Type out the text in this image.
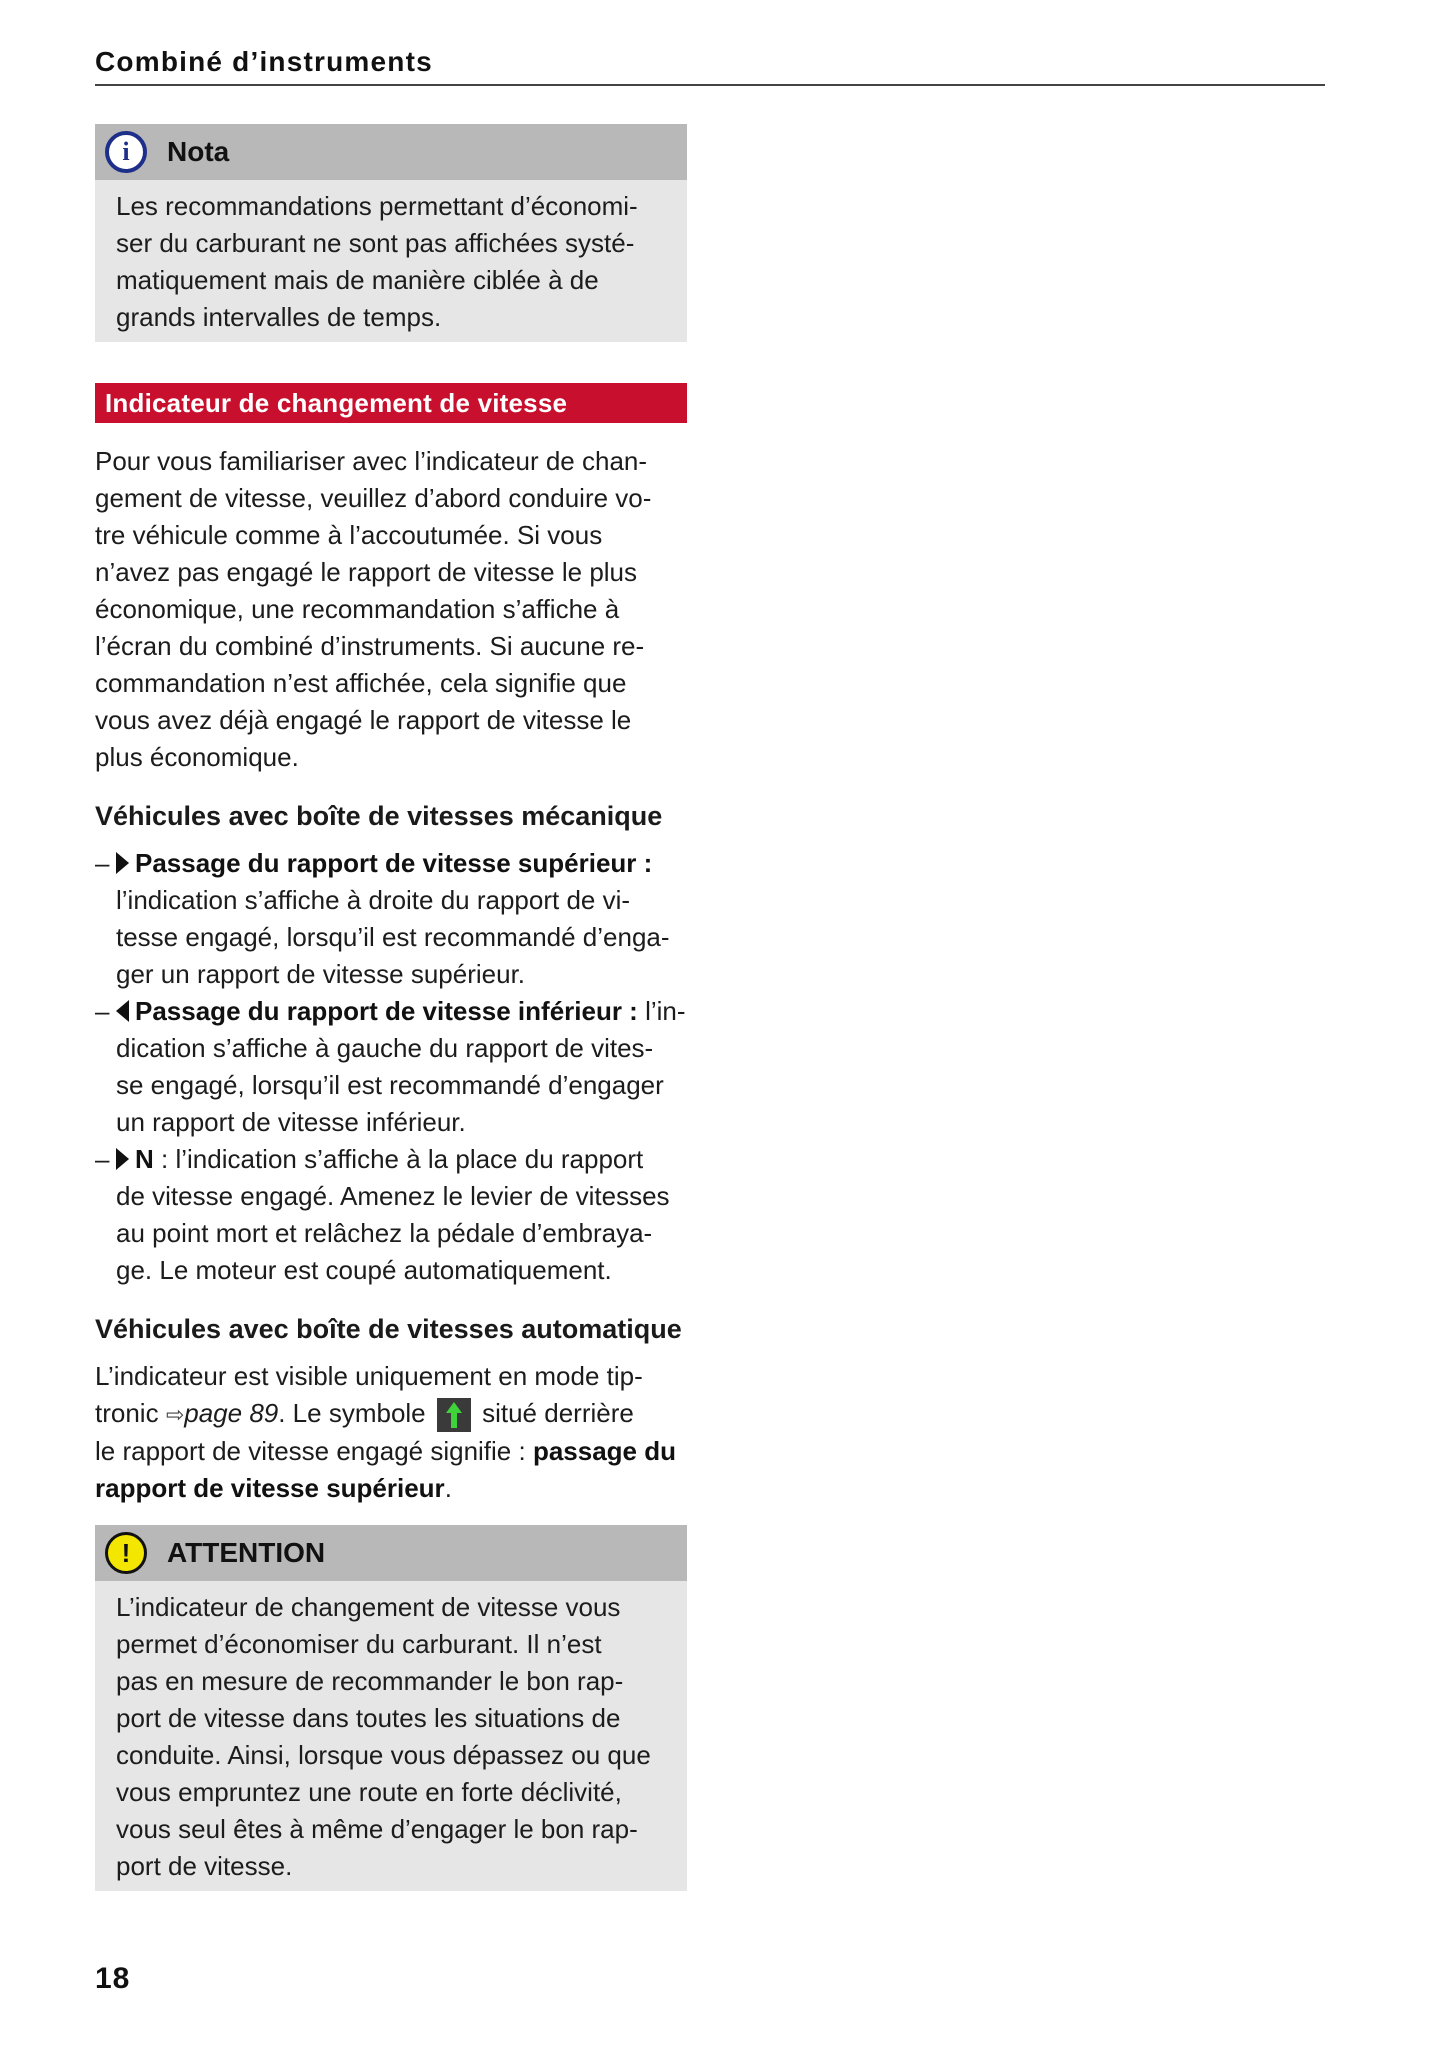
Combiné d’instruments
i	Nota
Les recommandations permettant d’économi-
ser du carburant ne sont pas affichées systé-
matiquement mais de manière ciblée à de
grands intervalles de temps.
Indicateur de changement de vitesse
Pour vous familiariser avec l’indicateur de chan-
gement de vitesse, veuillez d’abord conduire vo-
tre véhicule comme à l’accoutumée. Si vous
n’avez pas engagé le rapport de vitesse le plus
économique, une recommandation s’affiche à
l’écran du combiné d’instruments. Si aucune re-
commandation n’est affichée, cela signifie que
vous avez déjà engagé le rapport de vitesse le
plus économique.
Véhicules avec boîte de vitesses mécanique
– Passage du rapport de vitesse supérieur :
l’indication s’affiche à droite du rapport de vi-
tesse engagé, lorsqu’il est recommandé d’enga-
ger un rapport de vitesse supérieur.
– Passage du rapport de vitesse inférieur : l’in-
dication s’affiche à gauche du rapport de vites-
se engagé, lorsqu’il est recommandé d’engager
un rapport de vitesse inférieur.
– N : l’indication s’affiche à la place du rapport
de vitesse engagé. Amenez le levier de vitesses
au point mort et relâchez la pédale d’embraya-
ge. Le moteur est coupé automatiquement.
Véhicules avec boîte de vitesses automatique
L’indicateur est visible uniquement en mode tip-
tronic ⇨page 89. Le symbole
situé derrière
le rapport de vitesse engagé signifie : passage du
rapport de vitesse supérieur.
!	ATTENTION
L’indicateur de changement de vitesse vous
permet d’économiser du carburant. Il n’est
pas en mesure de recommander le bon rap-
port de vitesse dans toutes les situations de
conduite. Ainsi, lorsque vous dépassez ou que
vous empruntez une route en forte déclivité,
vous seul êtes à même d’engager le bon rap-
port de vitesse.
18
